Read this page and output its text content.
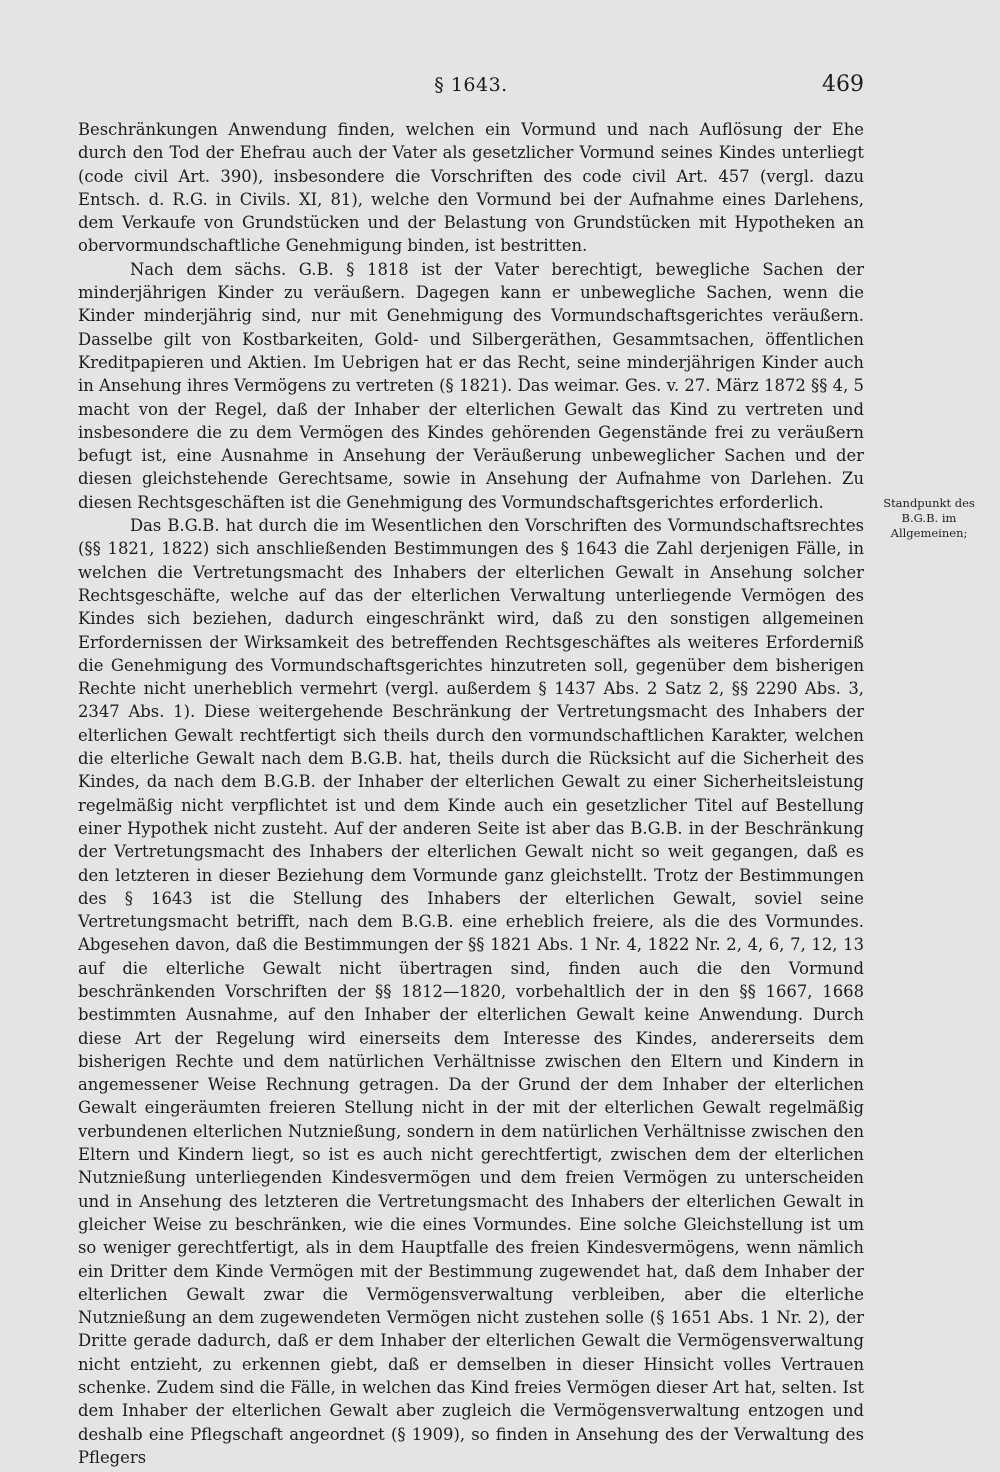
§ 1643.	469

Beschränkungen Anwendung finden, welchen ein Vormund und nach Auflösung der Ehe durch den Tod der Ehefrau auch der Vater als gesetzlicher Vormund seines Kindes unterliegt (code civil Art. 390), insbesondere die Vorschriften des code civil Art. 457 (vergl. dazu Entsch. d. R.G. in Civils. XI, 81), welche den Vormund bei der Aufnahme eines Darlehens, dem Verkaufe von Grundstücken und der Belastung von Grundstücken mit Hypotheken an obervormundschaftliche Genehmigung binden, ist bestritten.

Nach dem sächs. G.B. § 1818 ist der Vater berechtigt, bewegliche Sachen der minderjährigen Kinder zu veräußern. Dagegen kann er unbewegliche Sachen, wenn die Kinder minderjährig sind, nur mit Genehmigung des Vormundschaftsgerichtes veräußern. Dasselbe gilt von Kostbarkeiten, Gold- und Silbergeräthen, Gesammtsachen, öffentlichen Kreditpapieren und Aktien. Im Uebrigen hat er das Recht, seine minderjährigen Kinder auch in Ansehung ihres Vermögens zu vertreten (§ 1821). Das weimar. Ges. v. 27. März 1872 §§ 4, 5 macht von der Regel, daß der Inhaber der elterlichen Gewalt das Kind zu vertreten und insbesondere die zu dem Vermögen des Kindes gehörenden Gegenstände frei zu veräußern befugt ist, eine Ausnahme in Ansehung der Veräußerung unbeweglicher Sachen und der diesen gleichstehende Gerechtsame, sowie in Ansehung der Aufnahme von Darlehen. Zu diesen Rechtsgeschäften ist die Genehmigung des Vormundschaftsgerichtes erforderlich.

Das B.G.B. hat durch die im Wesentlichen den Vorschriften des Vormundschaftsrechtes (§§ 1821, 1822) sich anschließenden Bestimmungen des § 1643 die Zahl derjenigen Fälle, in welchen die Vertretungsmacht des Inhabers der elterlichen Gewalt in Ansehung solcher Rechtsgeschäfte, welche auf das der elterlichen Verwaltung unterliegende Vermögen des Kindes sich beziehen, dadurch eingeschränkt wird, daß zu den sonstigen allgemeinen Erfordernissen der Wirksamkeit des betreffenden Rechtsgeschäftes als weiteres Erforderniß die Genehmigung des Vormundschaftsgerichtes hinzutreten soll, gegenüber dem bisherigen Rechte nicht unerheblich vermehrt (vergl. außerdem § 1437 Abs. 2 Satz 2, §§ 2290 Abs. 3, 2347 Abs. 1). Diese weitergehende Beschränkung der Vertretungsmacht des Inhabers der elterlichen Gewalt rechtfertigt sich theils durch den vormundschaftlichen Karakter, welchen die elterliche Gewalt nach dem B.G.B. hat, theils durch die Rücksicht auf die Sicherheit des Kindes, da nach dem B.G.B. der Inhaber der elterlichen Gewalt zu einer Sicherheitsleistung regelmäßig nicht verpflichtet ist und dem Kinde auch ein gesetzlicher Titel auf Bestellung einer Hypothek nicht zusteht. Auf der anderen Seite ist aber das B.G.B. in der Beschränkung der Vertretungsmacht des Inhabers der elterlichen Gewalt nicht so weit gegangen, daß es den letzteren in dieser Beziehung dem Vormunde ganz gleichstellt. Trotz der Bestimmungen des § 1643 ist die Stellung des Inhabers der elterlichen Gewalt, soviel seine Vertretungsmacht betrifft, nach dem B.G.B. eine erheblich freiere, als die des Vormundes. Abgesehen davon, daß die Bestimmungen der §§ 1821 Abs. 1 Nr. 4, 1822 Nr. 2, 4, 6, 7, 12, 13 auf die elterliche Gewalt nicht übertragen sind, finden auch die den Vormund beschränkenden Vorschriften der §§ 1812—1820, vorbehaltlich der in den §§ 1667, 1668 bestimmten Ausnahme, auf den Inhaber der elterlichen Gewalt keine Anwendung. Durch diese Art der Regelung wird einerseits dem Interesse des Kindes, andererseits dem bisherigen Rechte und dem natürlichen Verhältnisse zwischen den Eltern und Kindern in angemessener Weise Rechnung getragen. Da der Grund der dem Inhaber der elterlichen Gewalt eingeräumten freieren Stellung nicht in der mit der elterlichen Gewalt regelmäßig verbundenen elterlichen Nutznießung, sondern in dem natürlichen Verhältnisse zwischen den Eltern und Kindern liegt, so ist es auch nicht gerechtfertigt, zwischen dem der elterlichen Nutznießung unterliegenden Kindesvermögen und dem freien Vermögen zu unterscheiden und in Ansehung des letzteren die Vertretungsmacht des Inhabers der elterlichen Gewalt in gleicher Weise zu beschränken, wie die eines Vormundes. Eine solche Gleichstellung ist um so weniger gerechtfertigt, als in dem Hauptfalle des freien Kindesvermögens, wenn nämlich ein Dritter dem Kinde Vermögen mit der Bestimmung zugewendet hat, daß dem Inhaber der elterlichen Gewalt zwar die Vermögensverwaltung verbleiben, aber die elterliche Nutznießung an dem zugewendeten Vermögen nicht zustehen solle (§ 1651 Abs. 1 Nr. 2), der Dritte gerade dadurch, daß er dem Inhaber der elterlichen Gewalt die Vermögensverwaltung nicht entzieht, zu erkennen giebt, daß er demselben in dieser Hinsicht volles Vertrauen schenke. Zudem sind die Fälle, in welchen das Kind freies Vermögen dieser Art hat, selten. Ist dem Inhaber der elterlichen Gewalt aber zugleich die Vermögensverwaltung entzogen und deshalb eine Pflegschaft angeordnet (§ 1909), so finden in Ansehung des der Verwaltung des Pflegers

Standpunkt des B.G.B. im Allgemeinen;
